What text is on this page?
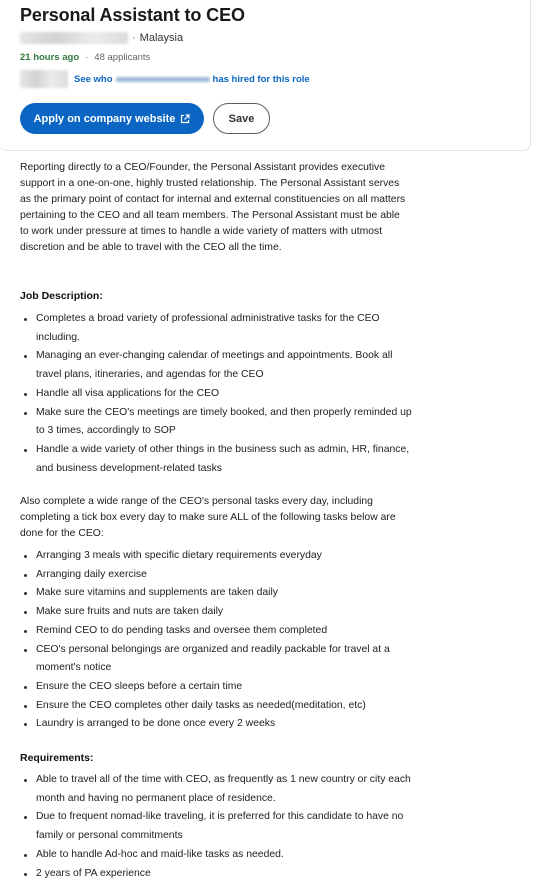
Personal Assistant to CEO
· Malaysia
21 hours ago · 48 applicants
See who	has hired for this role
Apply on company website	Save
Reporting directly to a CEO/Founder, the Personal Assistant provides executive support in a one-on-one, highly trusted relationship. The Personal Assistant serves as the primary point of contact for internal and external constituencies on all matters pertaining to the CEO and all team members. The Personal Assistant must be able to work under pressure at times to handle a wide variety of matters with utmost discretion and be able to travel with the CEO all the time.
Job Description:
Completes a broad variety of professional administrative tasks for the CEO including.
Managing an ever-changing calendar of meetings and appointments. Book all travel plans, itineraries, and agendas for the CEO
Handle all visa applications for the CEO
Make sure the CEO's meetings are timely booked, and then properly reminded up to 3 times, accordingly to SOP
Handle a wide variety of other things in the business such as admin, HR, finance, and business development-related tasks
Also complete a wide range of the CEO's personal tasks every day, including completing a tick box every day to make sure ALL of the following tasks below are done for the CEO:
Arranging 3 meals with specific dietary requirements everyday
Arranging daily exercise
Make sure vitamins and supplements are taken daily
Make sure fruits and nuts are taken daily
Remind CEO to do pending tasks and oversee them completed
CEO's personal belongings are organized and readily packable for travel at a moment's notice
Ensure the CEO sleeps before a certain time
Ensure the CEO completes other daily tasks as needed(meditation, etc)
Laundry is arranged to be done once every 2 weeks
Requirements:
Able to travel all of the time with CEO, as frequently as 1 new country or city each month and having no permanent place of residence.
Due to frequent nomad-like traveling, it is preferred for this candidate to have no family or personal commitments
Able to handle Ad-hoc and maid-like tasks as needed.
2 years of PA experience
